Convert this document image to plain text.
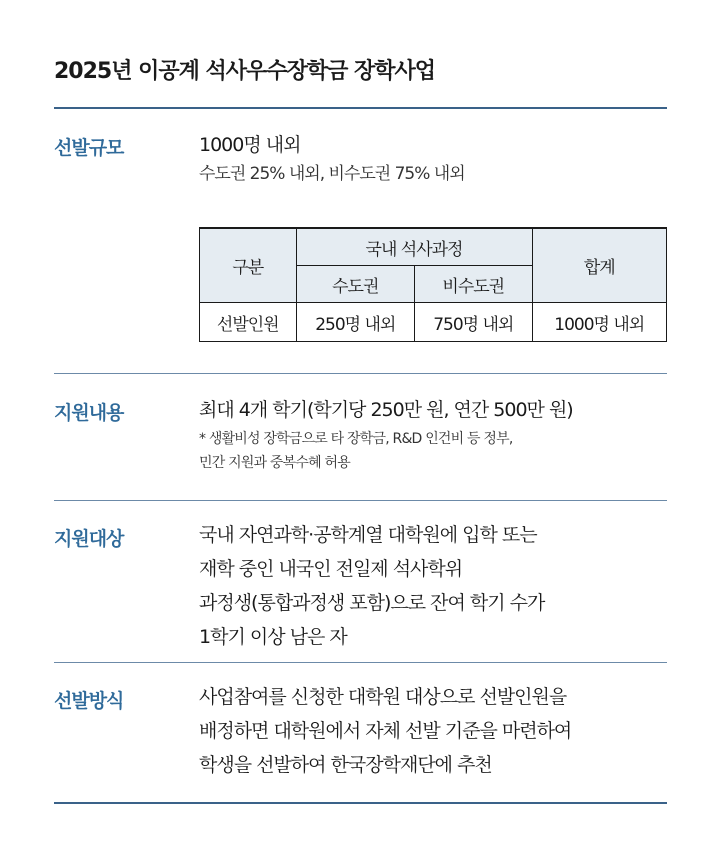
2025년 이공계 석사우수장학금 장학사업
선발규모	1000명 내외
수도권 25% 내외, 비수도권 75% 내외
구분	국내 석사과정		합계
	수도권	비수도권	
선발인원	250명 내외	750명 내외	1000명 내외
지원내용	최대 4개 학기(학기당 250만 원, 연간 500만 원)
* 생활비성 장학금으로 타 장학금, R&D 인건비 등 정부,
민간 지원과 중복수혜 허용
지원대상	국내 자연과학·공학계열 대학원에 입학 또는
재학 중인 내국인 전일제 석사학위
과정생(통합과정생 포함)으로 잔여 학기 수가
1학기 이상 남은 자
선발방식	사업참여를 신청한 대학원 대상으로 선발인원을
배정하면 대학원에서 자체 선발 기준을 마련하여
학생을 선발하여 한국장학재단에 추천
